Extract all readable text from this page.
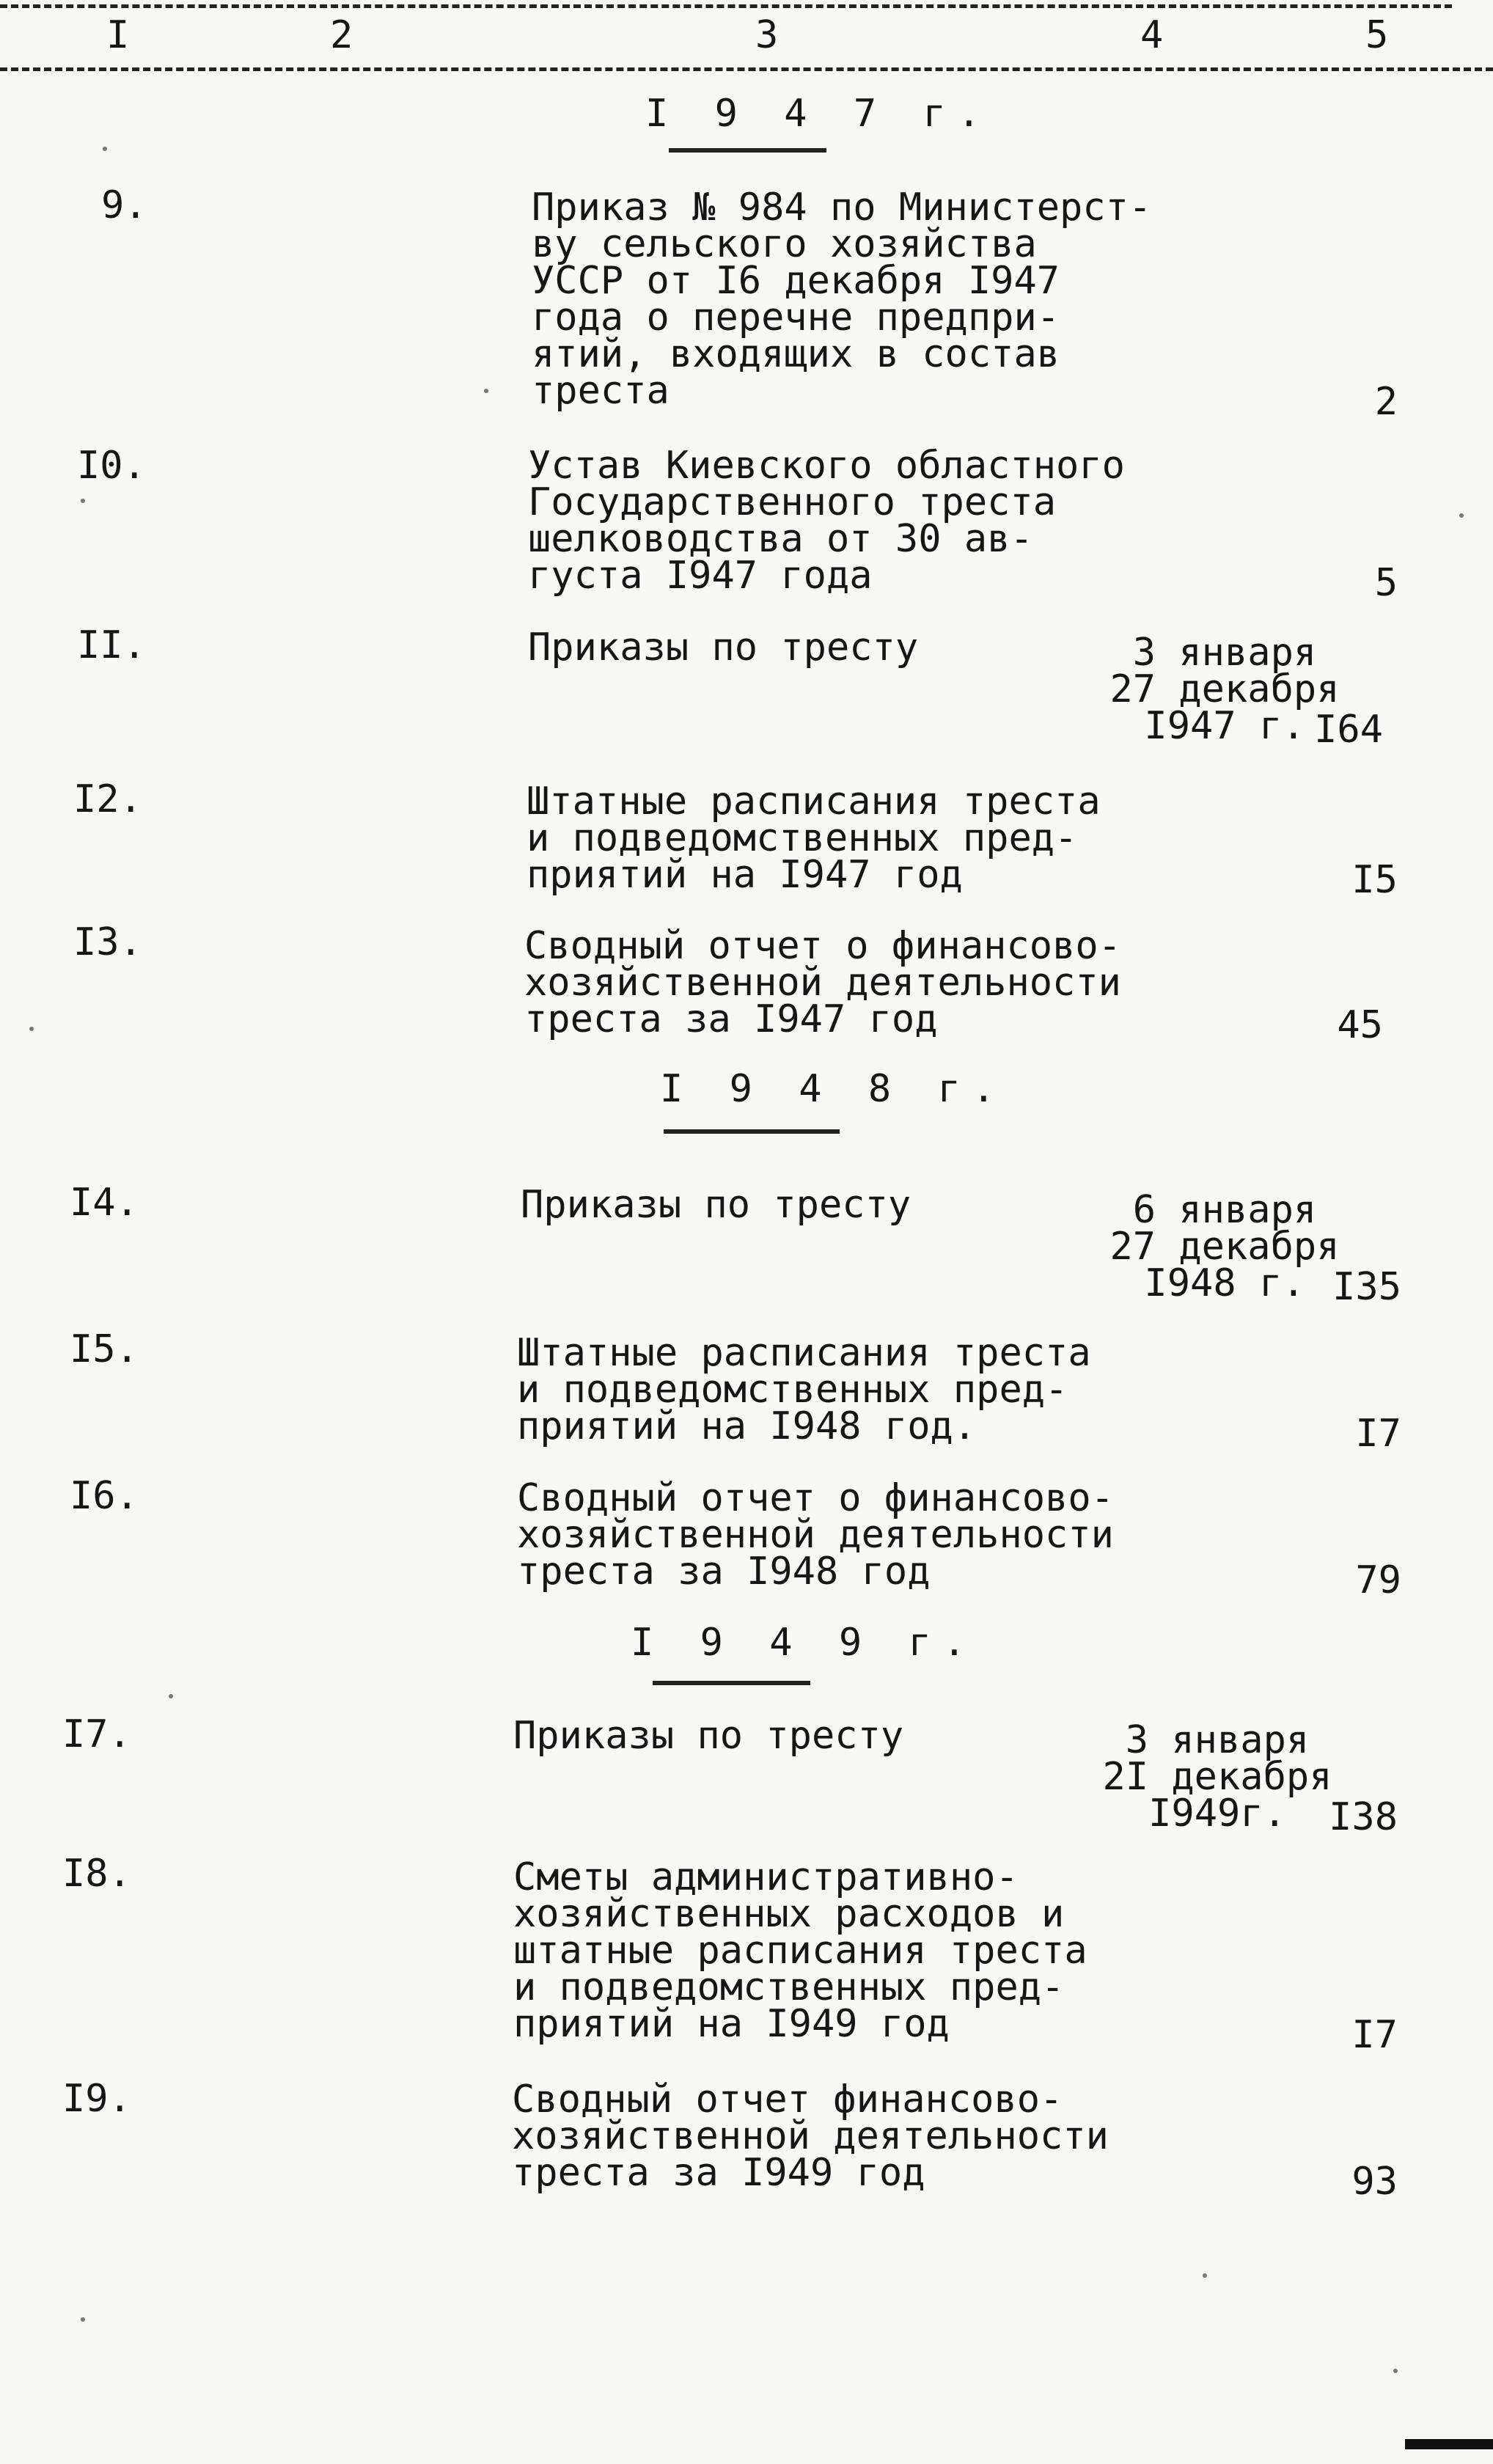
I	2	3	4	5
I 9 4 7 г.
9.	Приказ № 984 по Министерст-
ву сельского хозяйства
УССР от I6 декабря I947
года о перечне предпри-
ятий, входящих в состав
треста	2
I0.	Устав Киевского областного
Государственного треста
шелководства от 30 ав-
густа I947 года	5
II.	Приказы по тресту	3 января
27 декабря
I947 г. I64
I2.	Штатные расписания треста
и подведомственных пред-
приятий на I947 год	I5
I3.	Сводный отчет о финансово-
хозяйственной деятельности
треста за I947 год	45
I 9 4 8 г.
I4.	Приказы по тресту	6 января
27 декабря
I948 г. I35
I5.	Штатные расписания треста
и подведомственных пред-
приятий на I948 год.	I7
I6.	Сводный отчет о финансово-
хозяйственной деятельности
треста за I948 год	79
I 9 4 9 г.
I7.	Приказы по тресту	3 января
2I декабря
I949г.	I38
I8.	Сметы административно-
хозяйственных расходов и
штатные расписания треста
и подведомственных пред-
приятий на I949 год	I7
I9.	Сводный отчет финансово-
хозяйственной деятельности
треста за I949 год	93
